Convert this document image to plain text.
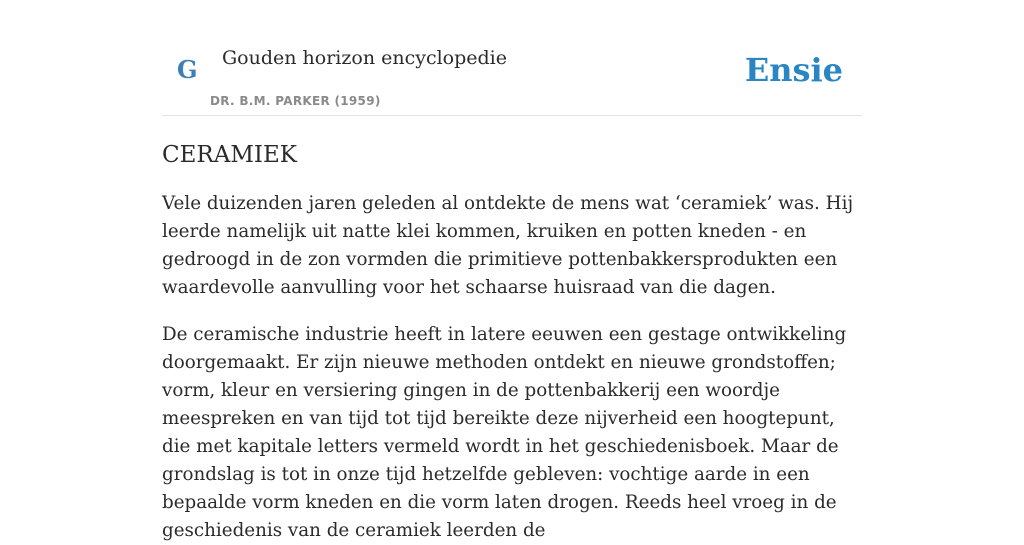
G Gouden horizon encyclopedie
DR. B.M. PARKER (1959)
Ensie
CERAMIEK

Vele duizenden jaren geleden al ontdekte de mens wat ‘ceramiek’ was. Hij leerde namelijk uit natte klei kommen, kruiken en potten kneden - en gedroogd in de zon vormden die primitieve pottenbakkersprodukten een waardevolle aanvulling voor het schaarse huisraad van die dagen.

De ceramische industrie heeft in latere eeuwen een gestage ontwikkeling doorgemaakt. Er zijn nieuwe methoden ontdekt en nieuwe grondstoffen; vorm, kleur en versiering gingen in de pottenbakkerij een woordje meespreken en van tijd tot tijd bereikte deze nijverheid een hoogtepunt, die met kapitale letters vermeld wordt in het geschiedenisboek. Maar de grondslag is tot in onze tijd hetzelfde gebleven: vochtige aarde in een bepaalde vorm kneden en die vorm laten drogen. Reeds heel vroeg in de geschiedenis van de ceramiek leerden de
